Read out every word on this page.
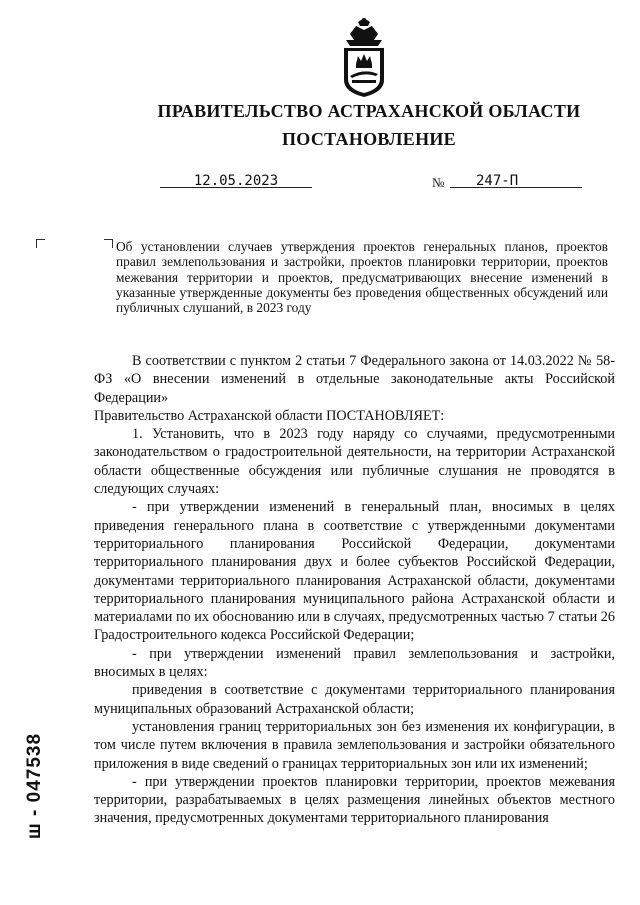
ПРАВИТЕЛЬСТВО АСТРАХАНСКОЙ ОБЛАСТИ
ПОСТАНОВЛЕНИЕ
12.05.2023	№ 247-П

Об установлении случаев утверждения проектов генеральных планов, проектов правил землепользования и застройки, проектов планировки территории, проектов межевания территории и проектов, предусматривающих внесение изменений в указанные утвержденные документы без проведения общественных обсуждений или публичных слушаний, в 2023 году

В соответствии с пунктом 2 статьи 7 Федерального закона от 14.03.2022 № 58-ФЗ «О внесении изменений в отдельные законодательные акты Российской Федерации»

Правительство Астраханской области ПОСТАНОВЛЯЕТ:

1. Установить, что в 2023 году наряду со случаями, предусмотренными законодательством о градостроительной деятельности, на территории Астраханской области общественные обсуждения или публичные слушания не проводятся в следующих случаях:

- при утверждении изменений в генеральный план, вносимых в целях приведения генерального плана в соответствие с утвержденными документами территориального планирования Российской Федерации, документами территориального планирования двух и более субъектов Российской Федерации, документами территориального планирования Астраханской области, документами территориального планирования муниципального района Астраханской области и материалами по их обоснованию или в случаях, предусмотренных частью 7 статьи 26 Градостроительного кодекса Российской Федерации;

- при утверждении изменений правил землепользования и застройки, вносимых в целях:

приведения в соответствие с документами территориального планирования муниципальных образований Астраханской области;

установления границ территориальных зон без изменения их конфигурации, в том числе путем включения в правила землепользования и застройки обязательного приложения в виде сведений о границах территориальных зон или их изменений;

- при утверждении проектов планировки территории, проектов межевания территории, разрабатываемых в целях размещения линейных объектов местного значения, предусмотренных документами территориального планирования

ш - 047538
